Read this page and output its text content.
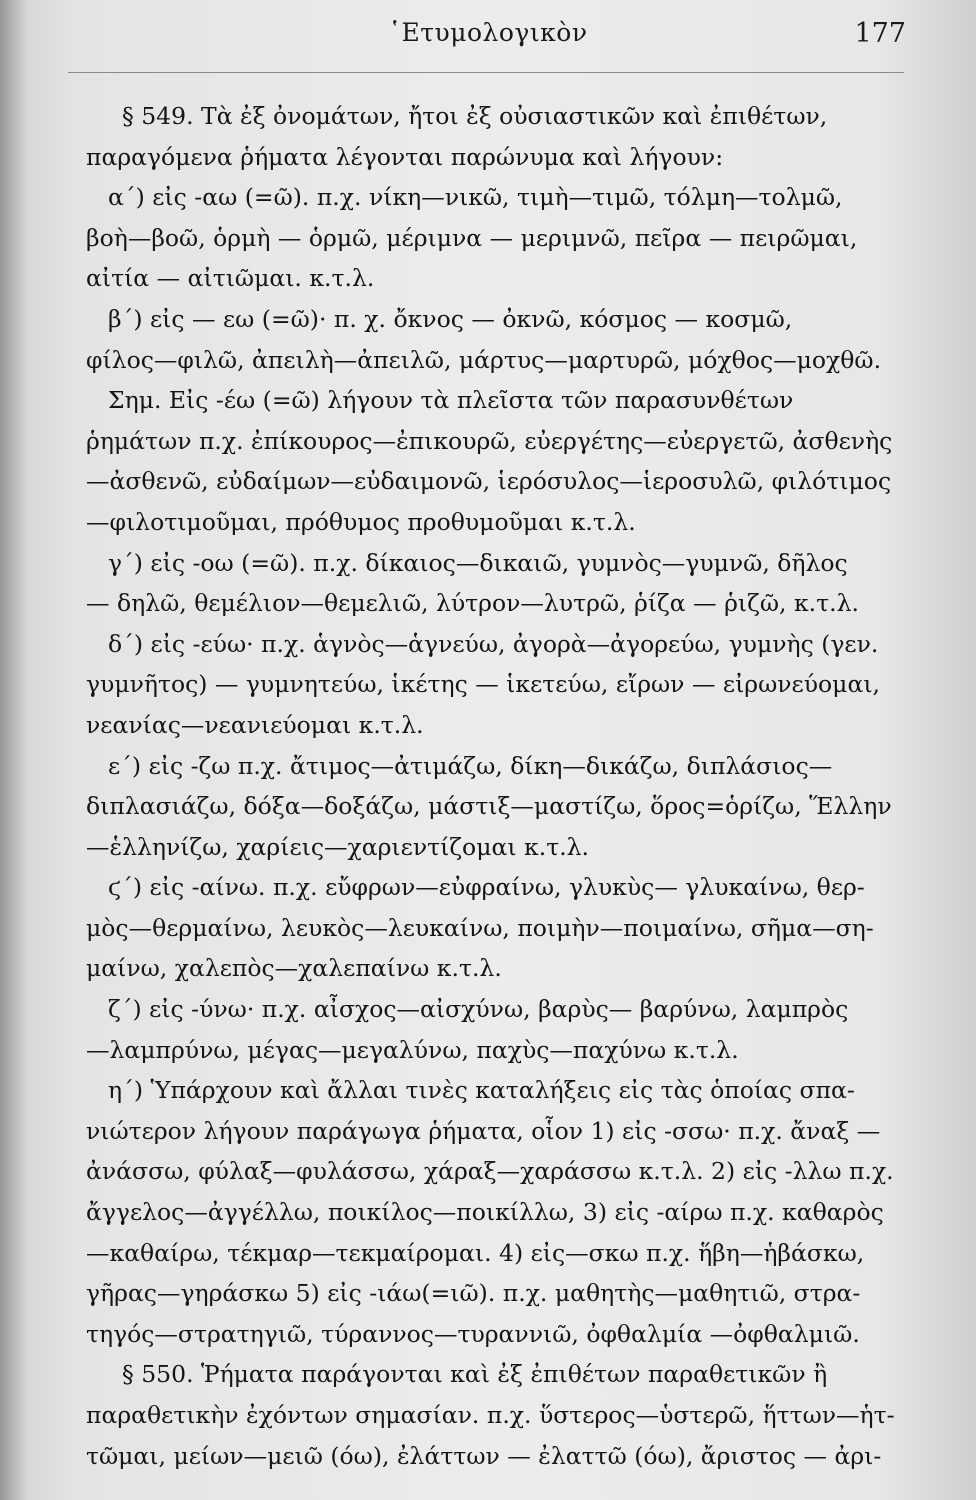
῾Ετυμολογικὸν	177
§ 549. Τὰ ἐξ ὀνομάτων, ἤτοι ἐξ οὐσιαστικῶν καὶ ἐπιθέτων,
παραγόμενα ῥήματα λέγονται παρώνυμα καὶ λήγουν:
α΄) εἰς -αω (=ῶ). π.χ. νίκη—νικῶ, τιμὴ—τιμῶ, τόλμη—τολμῶ,
βοὴ—βοῶ, ὁρμὴ — ὁρμῶ, μέριμνα — μεριμνῶ, πεῖρα — πειρῶμαι,
αἰτία — αἰτιῶμαι. κ.τ.λ.
β΄) εἰς — εω (=ῶ)· π. χ. ὄκνος — ὀκνῶ, κόσμος — κοσμῶ,
φίλος—φιλῶ, ἀπειλὴ—ἀπειλῶ, μάρτυς—μαρτυρῶ, μόχθος—μοχθῶ.
Σημ. Εἰς -έω (=ῶ) λήγουν τὰ πλεῖστα τῶν παρασυνθέτων
ῥημάτων π.χ. ἐπίκουρος—ἐπικουρῶ, εὐεργέτης—εὐεργετῶ, ἀσθενὴς
—ἀσθενῶ, εὐδαίμων—εὐδαιμονῶ, ἱερόσυλος—ἱεροσυλῶ, φιλότιμος
—φιλοτιμοῦμαι, πρόθυμος προθυμοῦμαι κ.τ.λ.
γ΄) εἰς -οω (=ῶ). π.χ. δίκαιος—δικαιῶ, γυμνὸς—γυμνῶ, δῆλος
— δηλῶ, θεμέλιον—θεμελιῶ, λύτρον—λυτρῶ, ῥίζα — ῥιζῶ, κ.τ.λ.
δ΄) εἰς -εύω· π.χ. ἁγνὸς—ἁγνεύω, ἀγορὰ—ἀγορεύω, γυμνὴς (γεν.
γυμνῆτος) — γυμνητεύω, ἱκέτης — ἱκετεύω, εἴρων — εἰρωνεύομαι,
νεανίας—νεανιεύομαι κ.τ.λ.
ε΄) εἰς -ζω π.χ. ἄτιμος—ἀτιμάζω, δίκη—δικάζω, διπλάσιος—
διπλασιάζω, δόξα—δοξάζω, μάστιξ—μαστίζω, ὅρος=ὁρίζω, Ἕλλην
—ἑλληνίζω, χαρίεις—χαριεντίζομαι κ.τ.λ.
ϛ΄) εἰς -αίνω. π.χ. εὔφρων—εὐφραίνω, γλυκὺς— γλυκαίνω, θερ-
μὸς—θερμαίνω, λευκὸς—λευκαίνω, ποιμὴν—ποιμαίνω, σῆμα—ση-
μαίνω, χαλεπὸς—χαλεπαίνω κ.τ.λ.
ζ΄) εἰς -ύνω· π.χ. αἶσχος—αἰσχύνω, βαρὺς— βαρύνω, λαμπρὸς
—λαμπρύνω, μέγας—μεγαλύνω, παχὺς—παχύνω κ.τ.λ.
η΄) Ὑπάρχουν καὶ ἄλλαι τινὲς καταλήξεις εἰς τὰς ὁποίας σπα-
νιώτερον λήγουν παράγωγα ῥήματα, οἷον 1) εἰς -σσω· π.χ. ἄναξ —
ἀνάσσω, φύλαξ—φυλάσσω, χάραξ—χαράσσω κ.τ.λ. 2) εἰς -λλω π.χ.
ἄγγελος—ἀγγέλλω, ποικίλος—ποικίλλω, 3) εἰς -αίρω π.χ. καθαρὸς
—καθαίρω, τέκμαρ—τεκμαίρομαι. 4) εἰς—σκω π.χ. ἥβη—ἡβάσκω,
γῆρας—γηράσκω 5) εἰς -ιάω(=ιῶ). π.χ. μαθητὴς—μαθητιῶ, στρα-
τηγός—στρατηγιῶ, τύραννος—τυραννιῶ, ὀφθαλμία —ὀφθαλμιῶ.
§ 550. Ῥήματα παράγονται καὶ ἐξ ἐπιθέτων παραθετικῶν ἢ
παραθετικὴν ἐχόντων σημασίαν. π.χ. ὕστερος—ὑστερῶ, ἥττων—ἡτ-
τῶμαι, μείων—μειῶ (όω), ἐλάττων — ἐλαττῶ (όω), ἄριστος — ἀρι-
